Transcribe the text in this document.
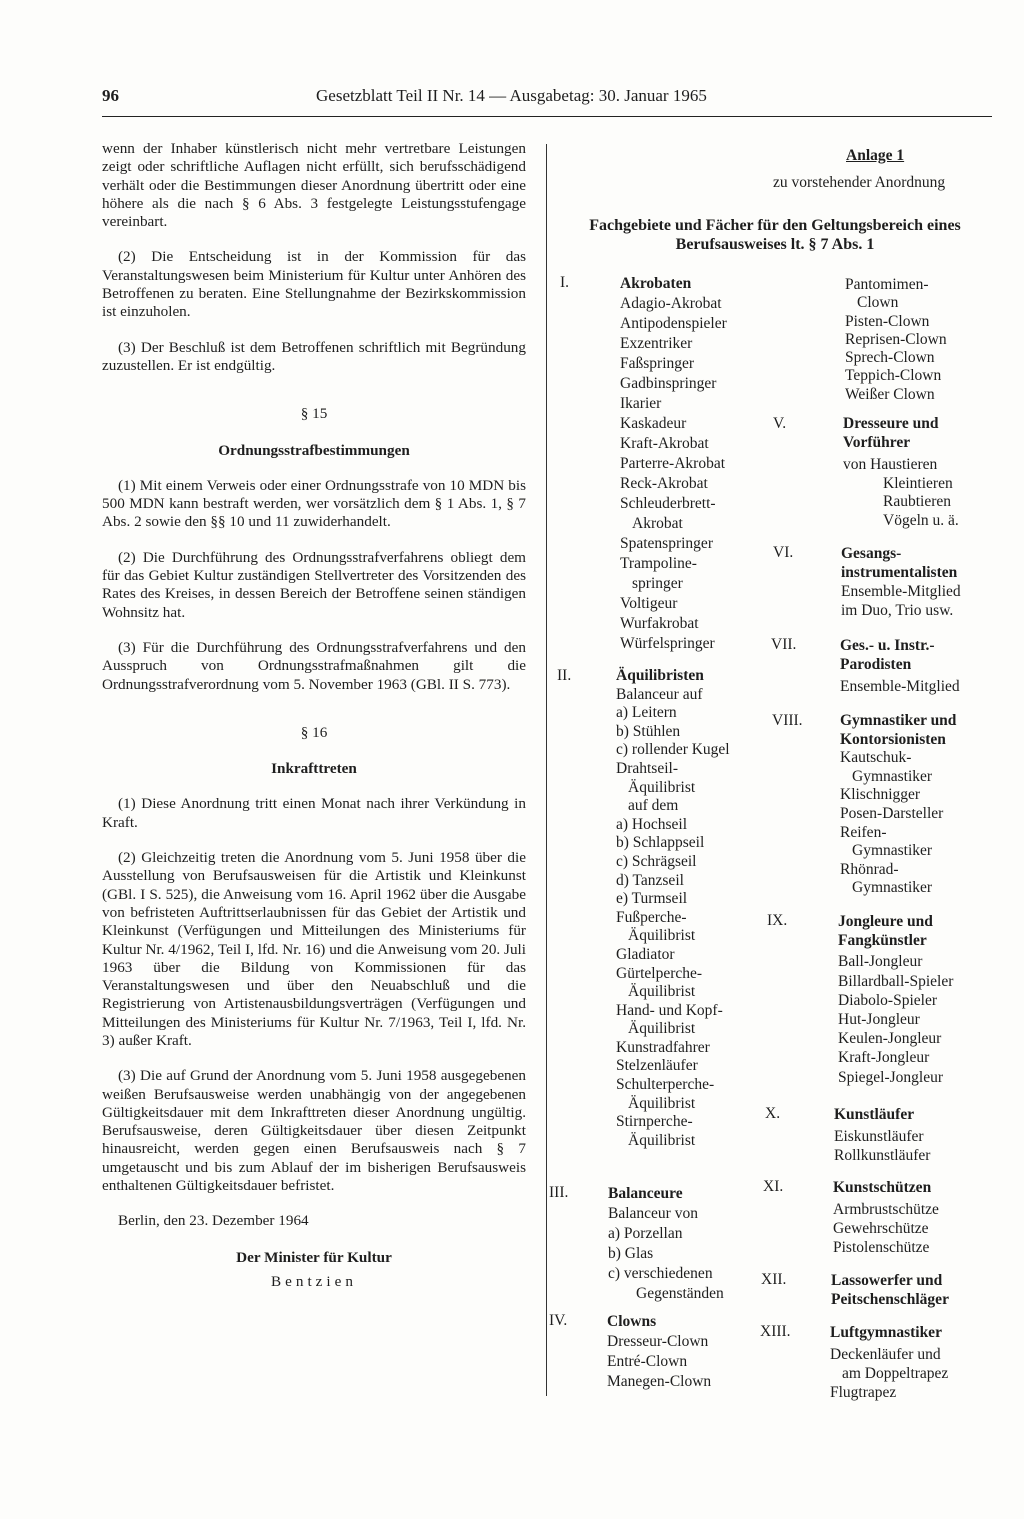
96	Gesetzblatt Teil II Nr. 14 — Ausgabetag: 30. Januar 1965

wenn der Inhaber künstlerisch nicht mehr vertretbare Leistungen zeigt oder schriftliche Auflagen nicht erfüllt, sich berufsschädigend verhält oder die Bestimmungen dieser Anordnung übertritt oder eine höhere als die nach § 6 Abs. 3 festgelegte Leistungsstufengage vereinbart.

(2) Die Entscheidung ist in der Kommission für das Veranstaltungswesen beim Ministerium für Kultur unter Anhören des Betroffenen zu beraten. Eine Stellungnahme der Bezirkskommission ist einzuholen.

(3) Der Beschluß ist dem Betroffenen schriftlich mit Begründung zuzustellen. Er ist endgültig.

§ 15

Ordnungsstrafbestimmungen

(1) Mit einem Verweis oder einer Ordnungsstrafe von 10 MDN bis 500 MDN kann bestraft werden, wer vorsätzlich dem § 1 Abs. 1, § 7 Abs. 2 sowie den §§ 10 und 11 zuwiderhandelt.

(2) Die Durchführung des Ordnungsstrafverfahrens obliegt dem für das Gebiet Kultur zuständigen Stellvertreter des Vorsitzenden des Rates des Kreises, in dessen Bereich der Betroffene seinen ständigen Wohnsitz hat.

(3) Für die Durchführung des Ordnungsstrafverfahrens und den Ausspruch von Ordnungsstrafmaßnahmen gilt die Ordnungsstrafverordnung vom 5. November 1963 (GBl. II S. 773).

§ 16

Inkrafttreten

(1) Diese Anordnung tritt einen Monat nach ihrer Verkündung in Kraft.

(2) Gleichzeitig treten die Anordnung vom 5. Juni 1958 über die Ausstellung von Berufsausweisen für die Artistik und Kleinkunst (GBl. I S. 525), die Anweisung vom 16. April 1962 über die Ausgabe von befristeten Auftrittserlaubnissen für das Gebiet der Artistik und Kleinkunst (Verfügungen und Mitteilungen des Ministeriums für Kultur Nr. 4/1962, Teil I, lfd. Nr. 16) und die Anweisung vom 20. Juli 1963 über die Bildung von Kommissionen für das Veranstaltungswesen und über den Neuabschluß und die Registrierung von Artistenausbildungsverträgen (Verfügungen und Mitteilungen des Ministeriums für Kultur Nr. 7/1963, Teil I, lfd. Nr. 3) außer Kraft.

(3) Die auf Grund der Anordnung vom 5. Juni 1958 ausgegebenen weißen Berufsausweise werden unabhängig von der angegebenen Gültigkeitsdauer mit dem Inkrafttreten dieser Anordnung ungültig. Berufsausweise, deren Gültigkeitsdauer über diesen Zeitpunkt hinausreicht, werden gegen einen Berufsausweis nach § 7 umgetauscht und bis zum Ablauf der im bisherigen Berufsausweis enthaltenen Gültigkeitsdauer befristet.

Berlin, den 23. Dezember 1964

Der Minister für Kultur

Bentzien

Anlage 1
zu vorstehender Anordnung
Fachgebiete und Fächer für den Geltungsbereich eines Berufsausweises lt. § 7 Abs. 1
I.	Akrobaten
Adagio-Akrobat
Antipodenspieler
Exzentriker
Faßspringer
Gadbinspringer
Ikarier
Kaskadeur
Kraft-Akrobat
Parterre-Akrobat
Reck-Akrobat
Schleuderbrett-
Akrobat
Spatenspringer
Trampoline-
springer
Voltigeur
Wurfakrobat
Würfelspringer
II.	Äquilibristen
Balanceur auf
a) Leitern
b) Stühlen
c) rollender Kugel
Drahtseil-
Äquilibrist
auf dem
a) Hochseil
b) Schlappseil
c) Schrägseil
d) Tanzseil
e) Turmseil
Fußperche-
Äquilibrist
Gladiator
Gürtelperche-
Äquilibrist
Hand- und Kopf-
Äquilibrist
Kunstradfahrer
Stelzenläufer
Schulterperche-
Äquilibrist
Stirnperche-
Äquilibrist
III.	Balanceure
Balanceur von
a) Porzellan
b) Glas
c) verschiedenen
Gegenständen
IV.	Clowns
Dresseur-Clown
Entré-Clown
Manegen-Clown
Pantomimen-
Clown
Pisten-Clown
Reprisen-Clown
Sprech-Clown
Teppich-Clown
Weißer Clown
V.	Dresseure und
Vorführer
von Haustieren
Kleintieren
Raubtieren
Vögeln u. ä.
VI.	Gesangs-
instrumentalisten
Ensemble-Mitglied
im Duo, Trio usw.
VII.	Ges.- u. Instr.-
Parodisten
Ensemble-Mitglied
VIII. Gymnastiker und
Kontorsionisten
Kautschuk-
Gymnastiker
Klischnigger
Posen-Darsteller
Reifen-
Gymnastiker
Rhönrad-
Gymnastiker
IX.	Jongleure und
Fangkünstler
Ball-Jongleur
Billardball-Spieler
Diabolo-Spieler
Hut-Jongleur
Keulen-Jongleur
Kraft-Jongleur
Spiegel-Jongleur
X.	Kunstläufer
Eiskunstläufer
Rollkunstläufer
XI.	Kunstschützen
Armbrustschütze
Gewehrschütze
Pistolenschütze
XII.	Lassowerfer und
Peitschenschläger
XIII.	Luftgymnastiker
Deckenläufer und
am Doppeltrapez
Flugtrapez
